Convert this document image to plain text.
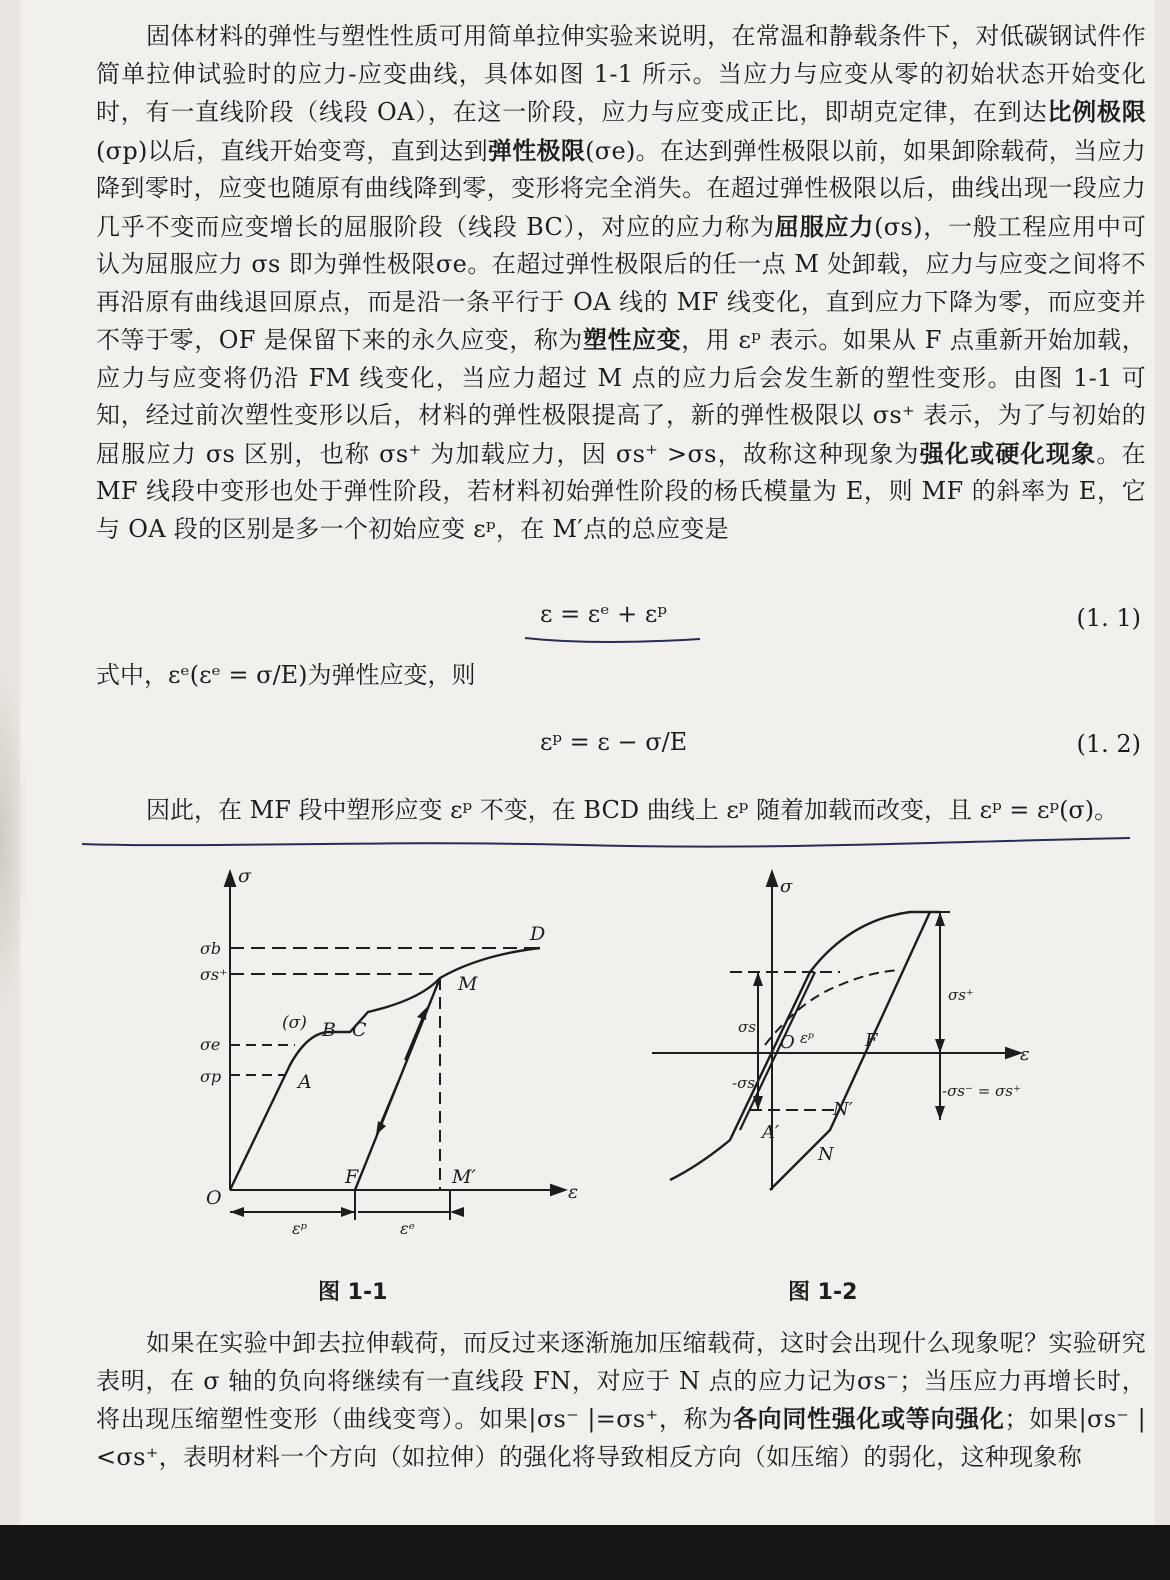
固体材料的弹性与塑性性质可用简单拉伸实验来说明，在常温和静载条件下，对低碳钢试件作简单拉伸试验时的应力-应变曲线，具体如图 1-1 所示。当应力与应变从零的初始状态开始变化时，有一直线阶段（线段 OA），在这一阶段，应力与应变成正比，即胡克定律，在到达比例极限(σp)以后，直线开始变弯，直到达到弹性极限(σe)。在达到弹性极限以前，如果卸除载荷，当应力降到零时，应变也随原有曲线降到零，变形将完全消失。在超过弹性极限以后，曲线出现一段应力几乎不变而应变增长的屈服阶段（线段 BC），对应的应力称为屈服应力(σs)，一般工程应用中可认为屈服应力 σs 即为弹性极限σe。在超过弹性极限后的任一点 M 处卸载，应力与应变之间将不再沿原有曲线退回原点，而是沿一条平行于 OA 线的 MF 线变化，直到应力下降为零，而应变并不等于零，OF 是保留下来的永久应变，称为塑性应变，用 εᵖ 表示。如果从 F 点重新开始加载，应力与应变将仍沿 FM 线变化，当应力超过 M 点的应力后会发生新的塑性变形。由图 1-1 可知，经过前次塑性变形以后，材料的弹性极限提高了，新的弹性极限以 σs⁺ 表示，为了与初始的屈服应力 σs 区别，也称 σs⁺ 为加载应力，因 σs⁺ >σs，故称这种现象为强化或硬化现象。在 MF 线段中变形也处于弹性阶段，若材料初始弹性阶段的杨氏模量为 E，则 MF 的斜率为 E，它与 OA 段的区别是多一个初始应变 εᵖ，在 M′点的总应变是

ε = εᵉ + εᵖ	(1. 1)
式中，εᵉ(εᵉ = σ/E)为弹性应变，则
εᵖ = ε − σ/E	(1. 2)
因此，在 MF 段中塑形应变 εᵖ 不变，在 BCD 曲线上 εᵖ 随着加载而改变，且 εᵖ = εᵖ(σ)。
σ
ε
σb
σs⁺
σe
σp
(σ) B C
D
M
A
O
F	M′
εᵖ	εᵉ
σ
ε
σs
-σs
σs⁺
-σs⁻ = σs⁺
O εᵖ	F
N′
A′
N
图 1-1	图 1-2

如果在实验中卸去拉伸载荷，而反过来逐渐施加压缩载荷，这时会出现什么现象呢？实验研究表明，在 σ 轴的负向将继续有一直线段 FN，对应于 N 点的应力记为σs⁻；当压应力再增长时，将出现压缩塑性变形（曲线变弯）。如果|σs⁻ |=σs⁺，称为各向同性强化或等向强化；如果|σs⁻ |<σs⁺，表明材料一个方向（如拉伸）的强化将导致相反方向（如压缩）的弱化，这种现象称
